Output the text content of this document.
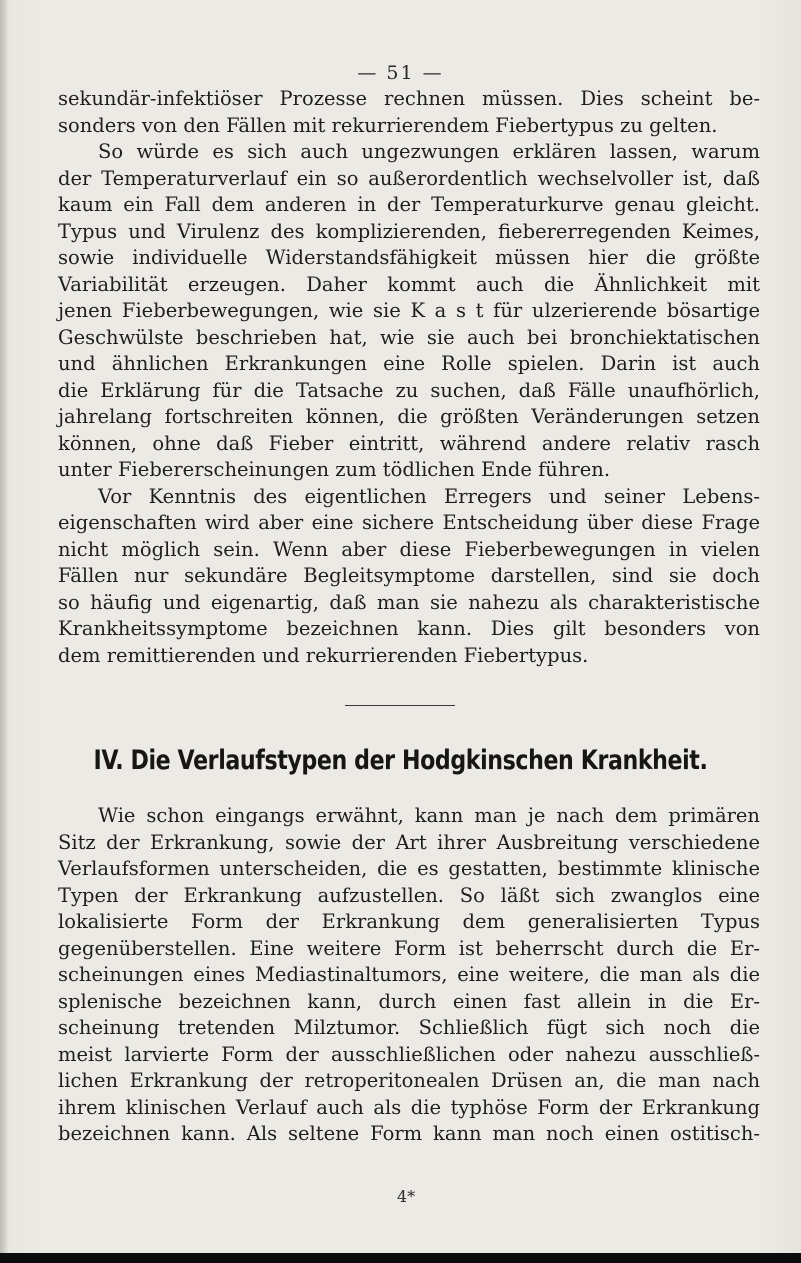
— 51 —
sekundär-infektiöser Prozesse rechnen müssen. Dies scheint be-
sonders von den Fällen mit rekurrierendem Fiebertypus zu gelten.
So würde es sich auch ungezwungen erklären lassen, warum
der Temperaturverlauf ein so außerordentlich wechselvoller ist, daß
kaum ein Fall dem anderen in der Temperaturkurve genau gleicht.
Typus und Virulenz des komplizierenden, fiebererregenden Keimes,
sowie individuelle Widerstandsfähigkeit müssen hier die größte
Variabilität erzeugen. Daher kommt auch die Ähnlichkeit mit
jenen Fieberbewegungen, wie sie K a s t für ulzerierende bösartige
Geschwülste beschrieben hat, wie sie auch bei bronchiektatischen
und ähnlichen Erkrankungen eine Rolle spielen. Darin ist auch
die Erklärung für die Tatsache zu suchen, daß Fälle unaufhörlich,
jahrelang fortschreiten können, die größten Veränderungen setzen
können, ohne daß Fieber eintritt, während andere relativ rasch
unter Fiebererscheinungen zum tödlichen Ende führen.
Vor Kenntnis des eigentlichen Erregers und seiner Lebens-
eigenschaften wird aber eine sichere Entscheidung über diese Frage
nicht möglich sein. Wenn aber diese Fieberbewegungen in vielen
Fällen nur sekundäre Begleitsymptome darstellen, sind sie doch
so häufig und eigenartig, daß man sie nahezu als charakteristische
Krankheitssymptome bezeichnen kann. Dies gilt besonders von
dem remittierenden und rekurrierenden Fiebertypus.
IV. Die Verlaufstypen der Hodgkinschen Krankheit.
Wie schon eingangs erwähnt, kann man je nach dem primären
Sitz der Erkrankung, sowie der Art ihrer Ausbreitung verschiedene
Verlaufsformen unterscheiden, die es gestatten, bestimmte klinische
Typen der Erkrankung aufzustellen. So läßt sich zwanglos eine
lokalisierte Form der Erkrankung dem generalisierten Typus
gegenüberstellen. Eine weitere Form ist beherrscht durch die Er-
scheinungen eines Mediastinaltumors, eine weitere, die man als die
splenische bezeichnen kann, durch einen fast allein in die Er-
scheinung tretenden Milztumor. Schließlich fügt sich noch die
meist larvierte Form der ausschließlichen oder nahezu ausschließ-
lichen Erkrankung der retroperitonealen Drüsen an, die man nach
ihrem klinischen Verlauf auch als die typhöse Form der Erkrankung
bezeichnen kann. Als seltene Form kann man noch einen ostitisch-
4*
